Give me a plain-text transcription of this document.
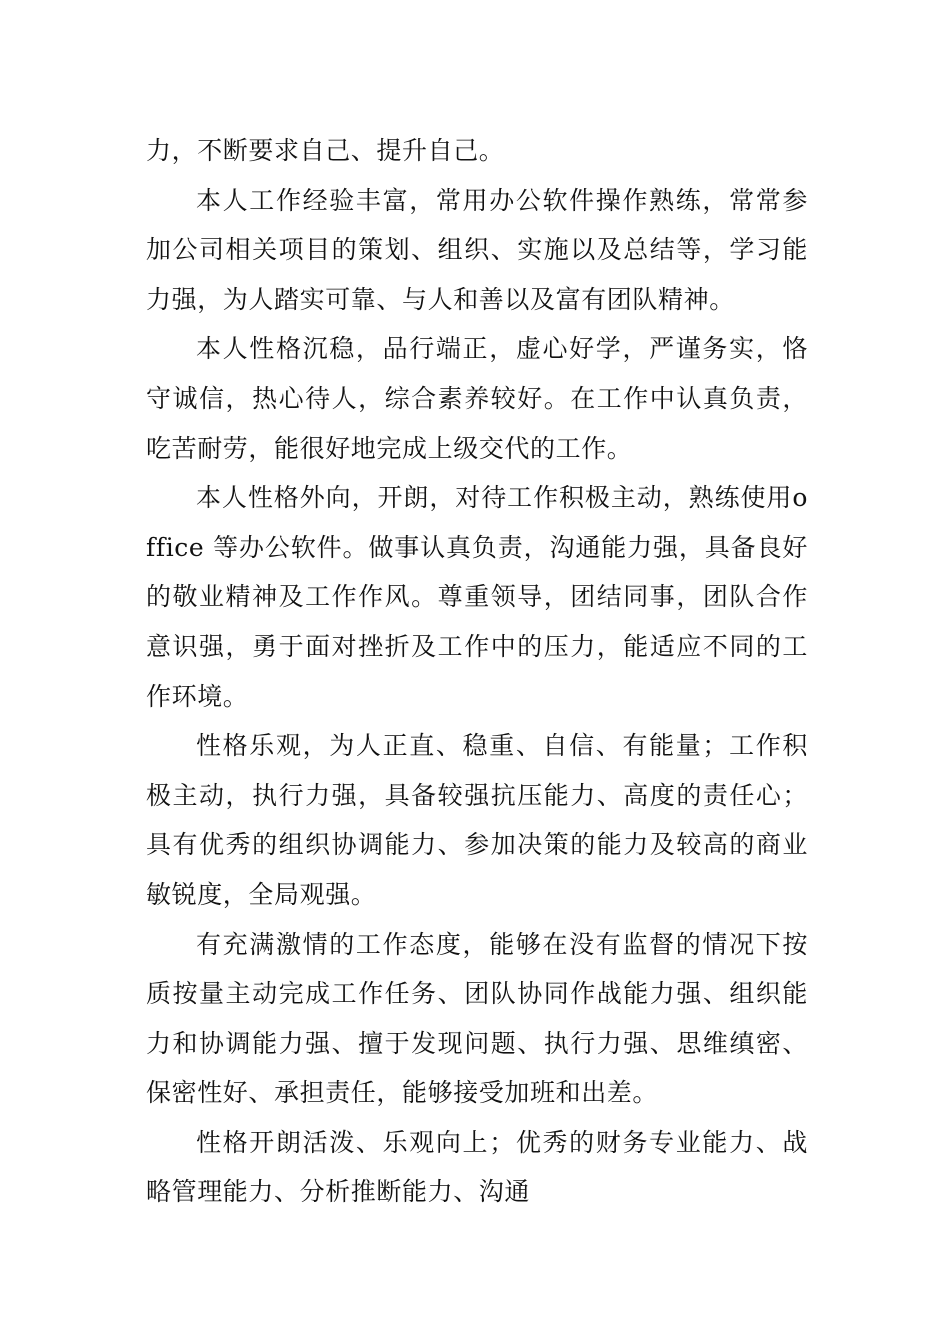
力，不断要求自己、提升自己。

本人工作经验丰富，常用办公软件操作熟练，常常参加公司相关项目的策划、组织、实施以及总结等，学习能力强，为人踏实可靠、与人和善以及富有团队精神。

本人性格沉稳，品行端正，虚心好学，严谨务实，恪守诚信，热心待人，综合素养较好。在工作中认真负责，吃苦耐劳，能很好地完成上级交代的工作。

本人性格外向，开朗，对待工作积极主动，熟练使用office 等办公软件。做事认真负责，沟通能力强，具备良好的敬业精神及工作作风。尊重领导，团结同事，团队合作意识强，勇于面对挫折及工作中的压力，能适应不同的工作环境。

性格乐观，为人正直、稳重、自信、有能量；工作积极主动，执行力强，具备较强抗压能力、高度的责任心；具有优秀的组织协调能力、参加决策的能力及较高的商业敏锐度，全局观强。

有充满激情的工作态度，能够在没有监督的情况下按质按量主动完成工作任务、团队协同作战能力强、组织能力和协调能力强、擅于发现问题、执行力强、思维缜密、保密性好、承担责任，能够接受加班和出差。

性格开朗活泼、乐观向上；优秀的财务专业能力、战略管理能力、分析推断能力、沟通
